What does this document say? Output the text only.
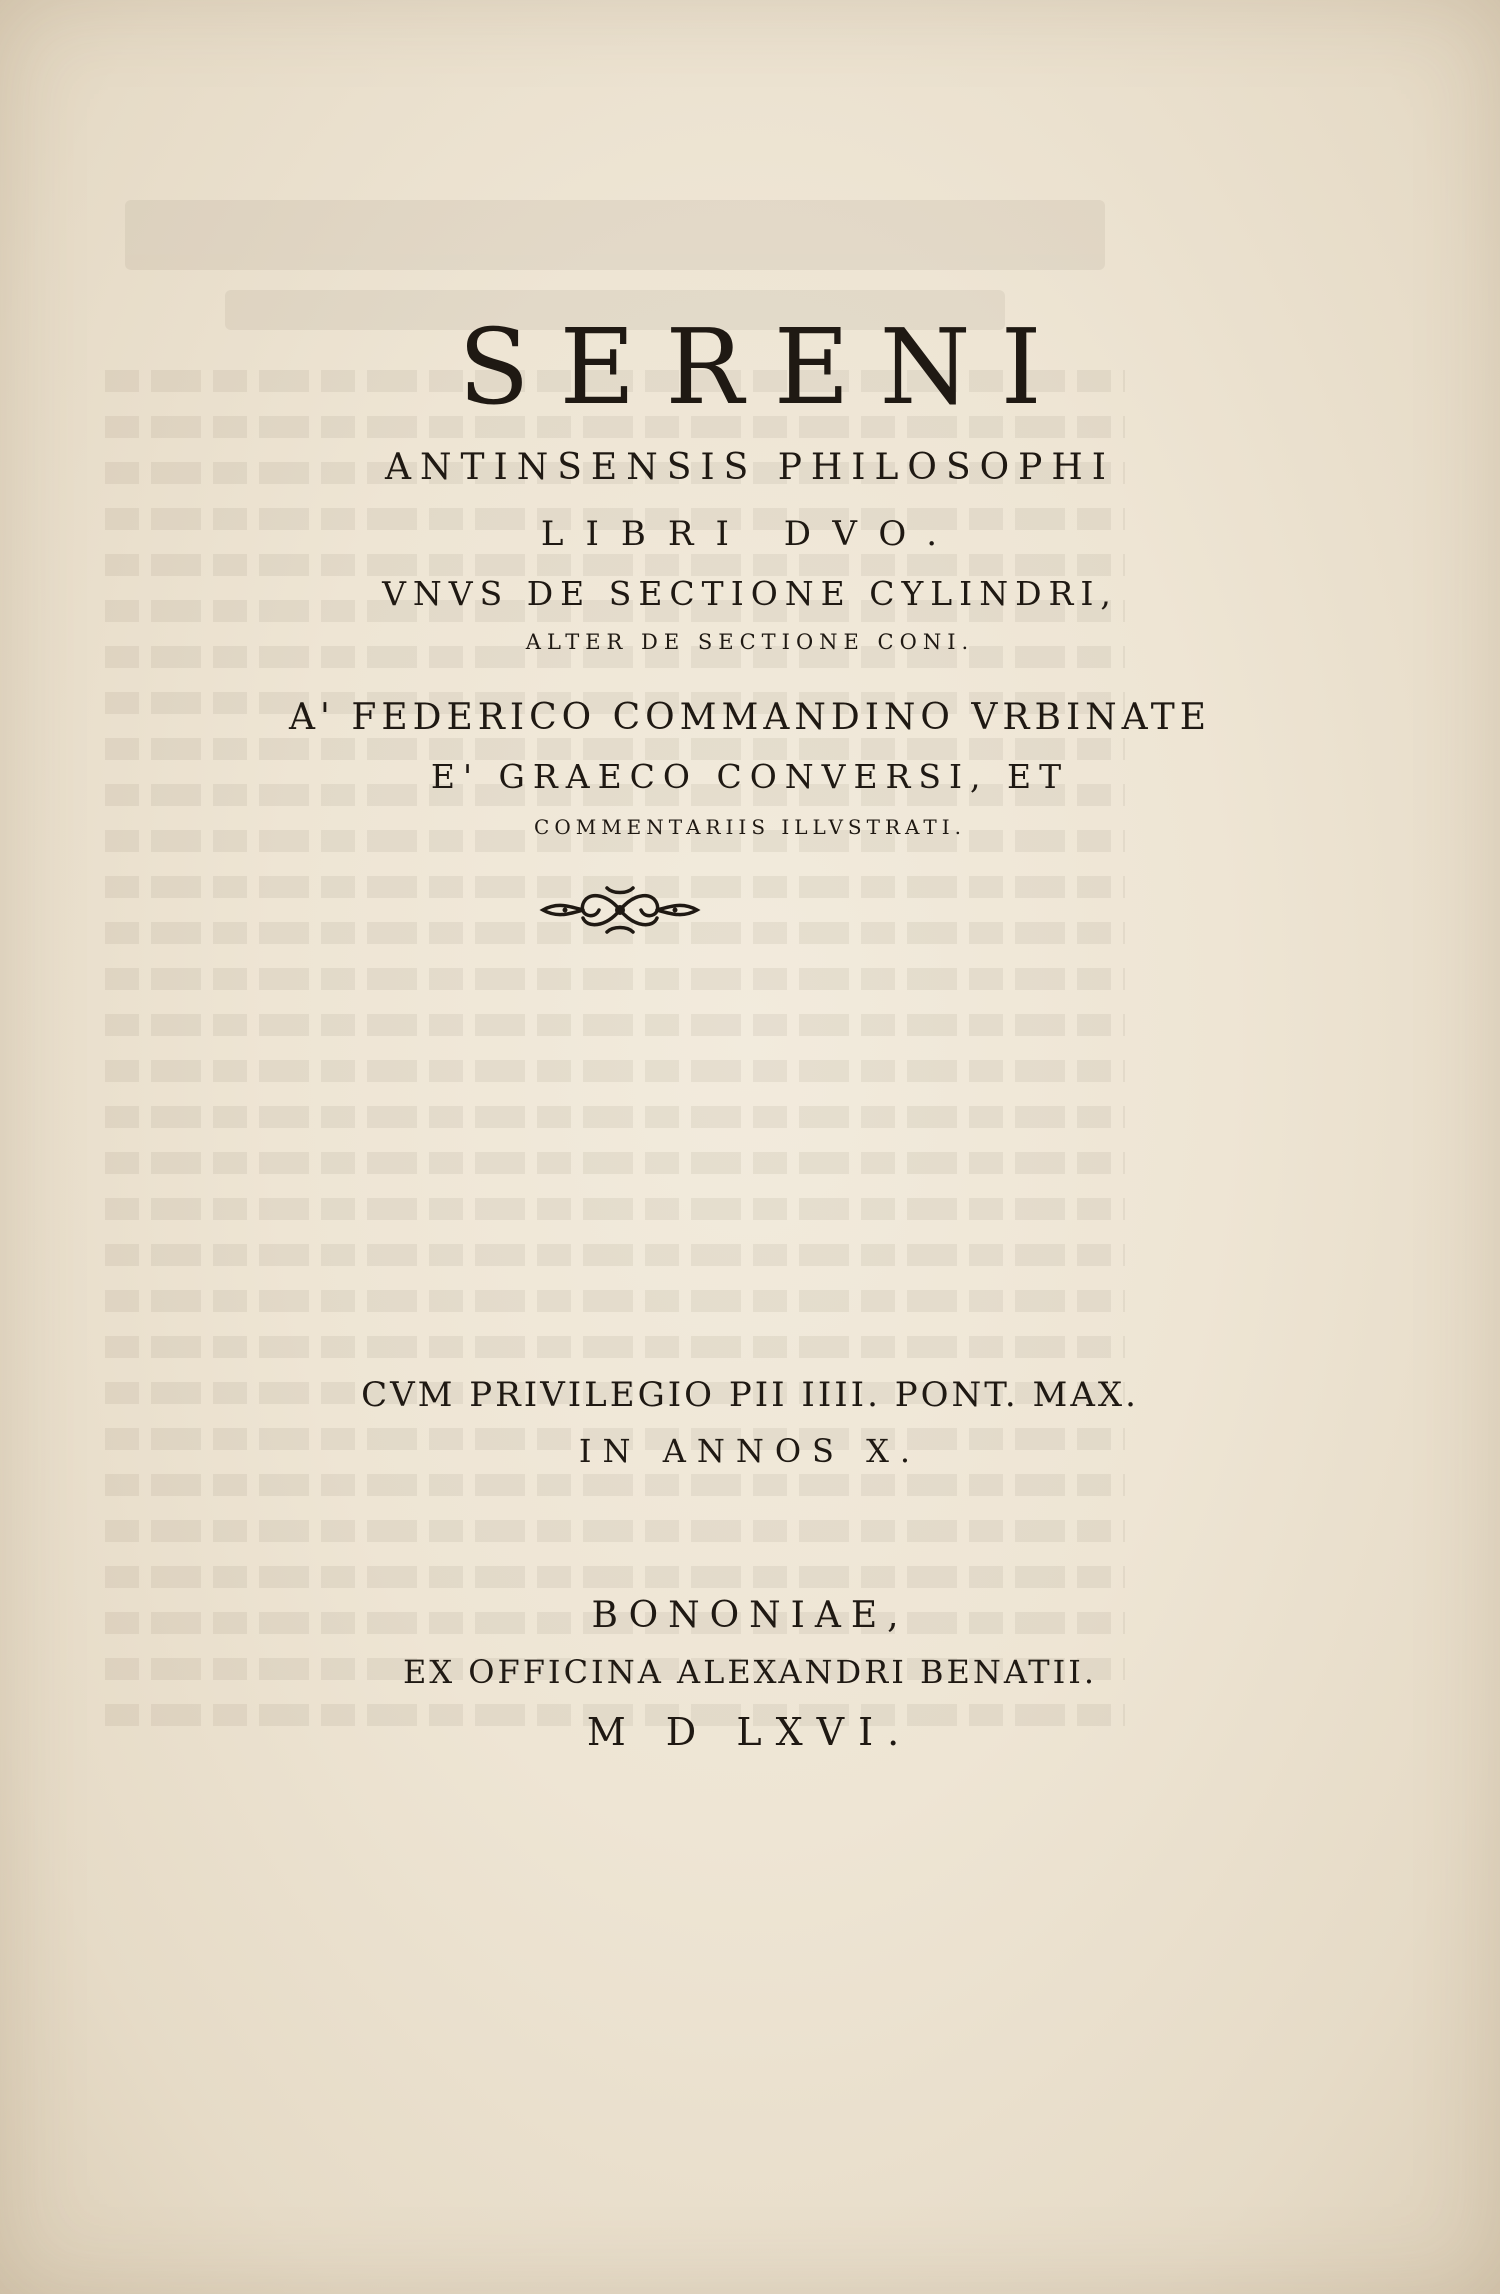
SERENI

ANTINSENSIS PHILOSOPHI

LIBRI DVO.

VNVS DE SECTIONE CYLINDRI,

ALTER DE SECTIONE CONI.

A' FEDERICO COMMANDINO VRBINATE

E' GRAECO CONVERSI, ET

COMMENTARIIS ILLVSTRATI.

CVM PRIVILEGIO PII IIII. PONT. MAX.

IN ANNOS X.

BONONIAE,

EX OFFICINA ALEXANDRI BENATII.

M D LXVI.
